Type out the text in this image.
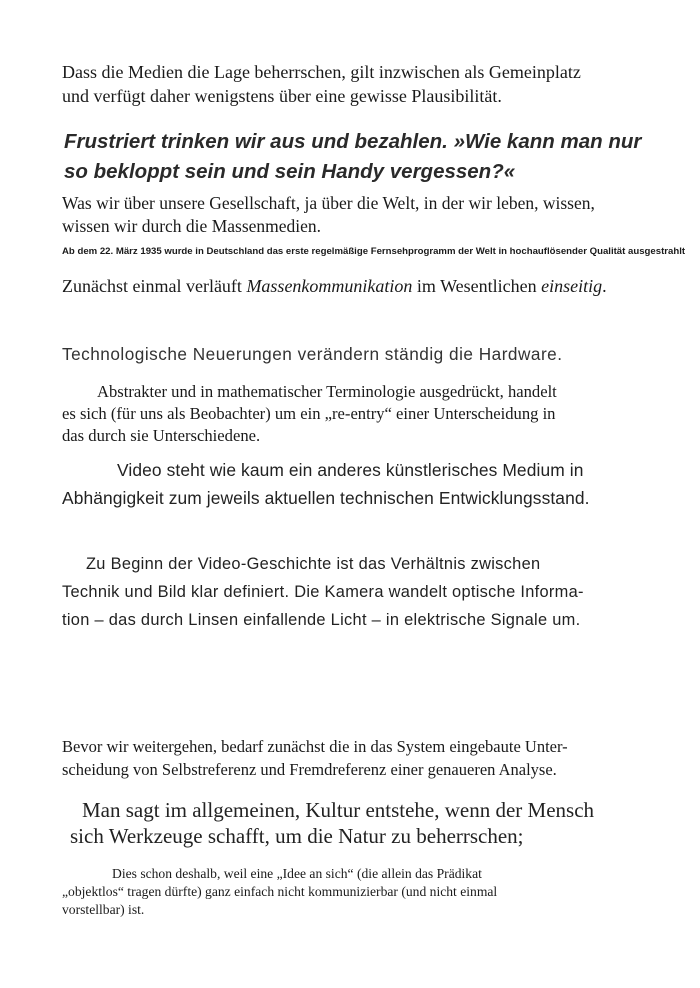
Dass die Medien die Lage beherrschen, gilt inzwischen als Gemeinplatz
und verfügt daher wenigstens über eine gewisse Plausibilität.
Frustriert trinken wir aus und bezahlen. »Wie kann man nur
so bekloppt sein und sein Handy vergessen?«
Was wir über unsere Gesellschaft, ja über die Welt, in der wir leben, wissen,
wissen wir durch die Massenmedien.
Ab dem 22. März 1935 wurde in Deutschland das erste regelmäßige Fernsehprogramm der Welt in hochauflösender Qualität ausgestrahlt
Zunächst einmal verläuft Massenkommunikation im Wesentlichen einseitig.
Technologische Neuerungen verändern ständig die Hardware.
Abstrakter und in mathematischer Terminologie ausgedrückt, handelt
es sich (für uns als Beobachter) um ein „re-entry“ einer Unterscheidung in
das durch sie Unterschiedene.
Video steht wie kaum ein anderes künstlerisches Medium in
Abhängigkeit zum jeweils aktuellen technischen Entwicklungsstand.
Zu Beginn der Video-Geschichte ist das Verhältnis zwischen
Technik und Bild klar definiert. Die Kamera wandelt optische Informa-
tion – das durch Linsen einfallende Licht – in elektrische Signale um.
Bevor wir weitergehen, bedarf zunächst die in das System eingebaute Unter-
scheidung von Selbstreferenz und Fremdreferenz einer genaueren Analyse.
Man sagt im allgemeinen, Kultur entstehe, wenn der Mensch
sich Werkzeuge schafft, um die Natur zu beherrschen;
Dies schon deshalb, weil eine „Idee an sich“ (die allein das Prädikat
„objektlos“ tragen dürfte) ganz einfach nicht kommunizierbar (und nicht einmal
vorstellbar) ist.
